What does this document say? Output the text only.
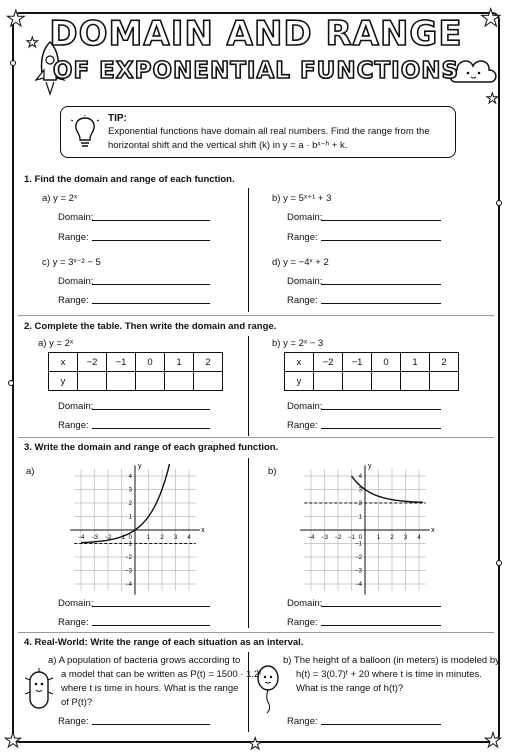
★	★
★
★
★	★
★
DOMAIN AND RANGE
OF EXPONENTIAL FUNCTIONS
TIP:
Exponential functions have domain all real numbers. Find the range from the horizontal shift and the vertical shift (k) in y = a · bˣ⁻ʰ + k.
1. Find the domain and range of each function.
a) y = 2ˣ
Domain:
Range:
b) y = 5ˣ⁺¹ + 3
Domain:
Range:
c) y = 3ˣ⁻² − 5
Domain:
Range:
d) y = −4ˣ + 2
Domain:
Range:
2. Complete the table. Then write the domain and range.
a) y = 2ˣ	b) y = 2ˣ − 3
x	−2	−1	0	1	2
y					
x	−2	−1	0	1	2
y					
Domain:
Range:
Domain:
Range:
3. Write the domain and range of each graphed function.
a)	b)
−4
−4
−3
−3
−2
−2
−1
−1
0 1
1
2
2
3
3
4
4
x
y
−4
−4
−3
−3
−2
−2
−1
−1
0 1
1
2
2
3
3
4
4
x
y
Domain:
Range:
Domain:
Range:
4. Real-World: Write the range of each situation as an interval.
a) A population of bacteria grows according to
a model that can be written as P(t) = 1500 · 1.2ᵗ
where t is time in hours. What is the range
of P(t)?
Range:
b) The height of a balloon (in meters) is modeled by
h(t) = 3(0.7)ᵗ + 20 where t is time in minutes.
What is the range of h(t)?
Range:
